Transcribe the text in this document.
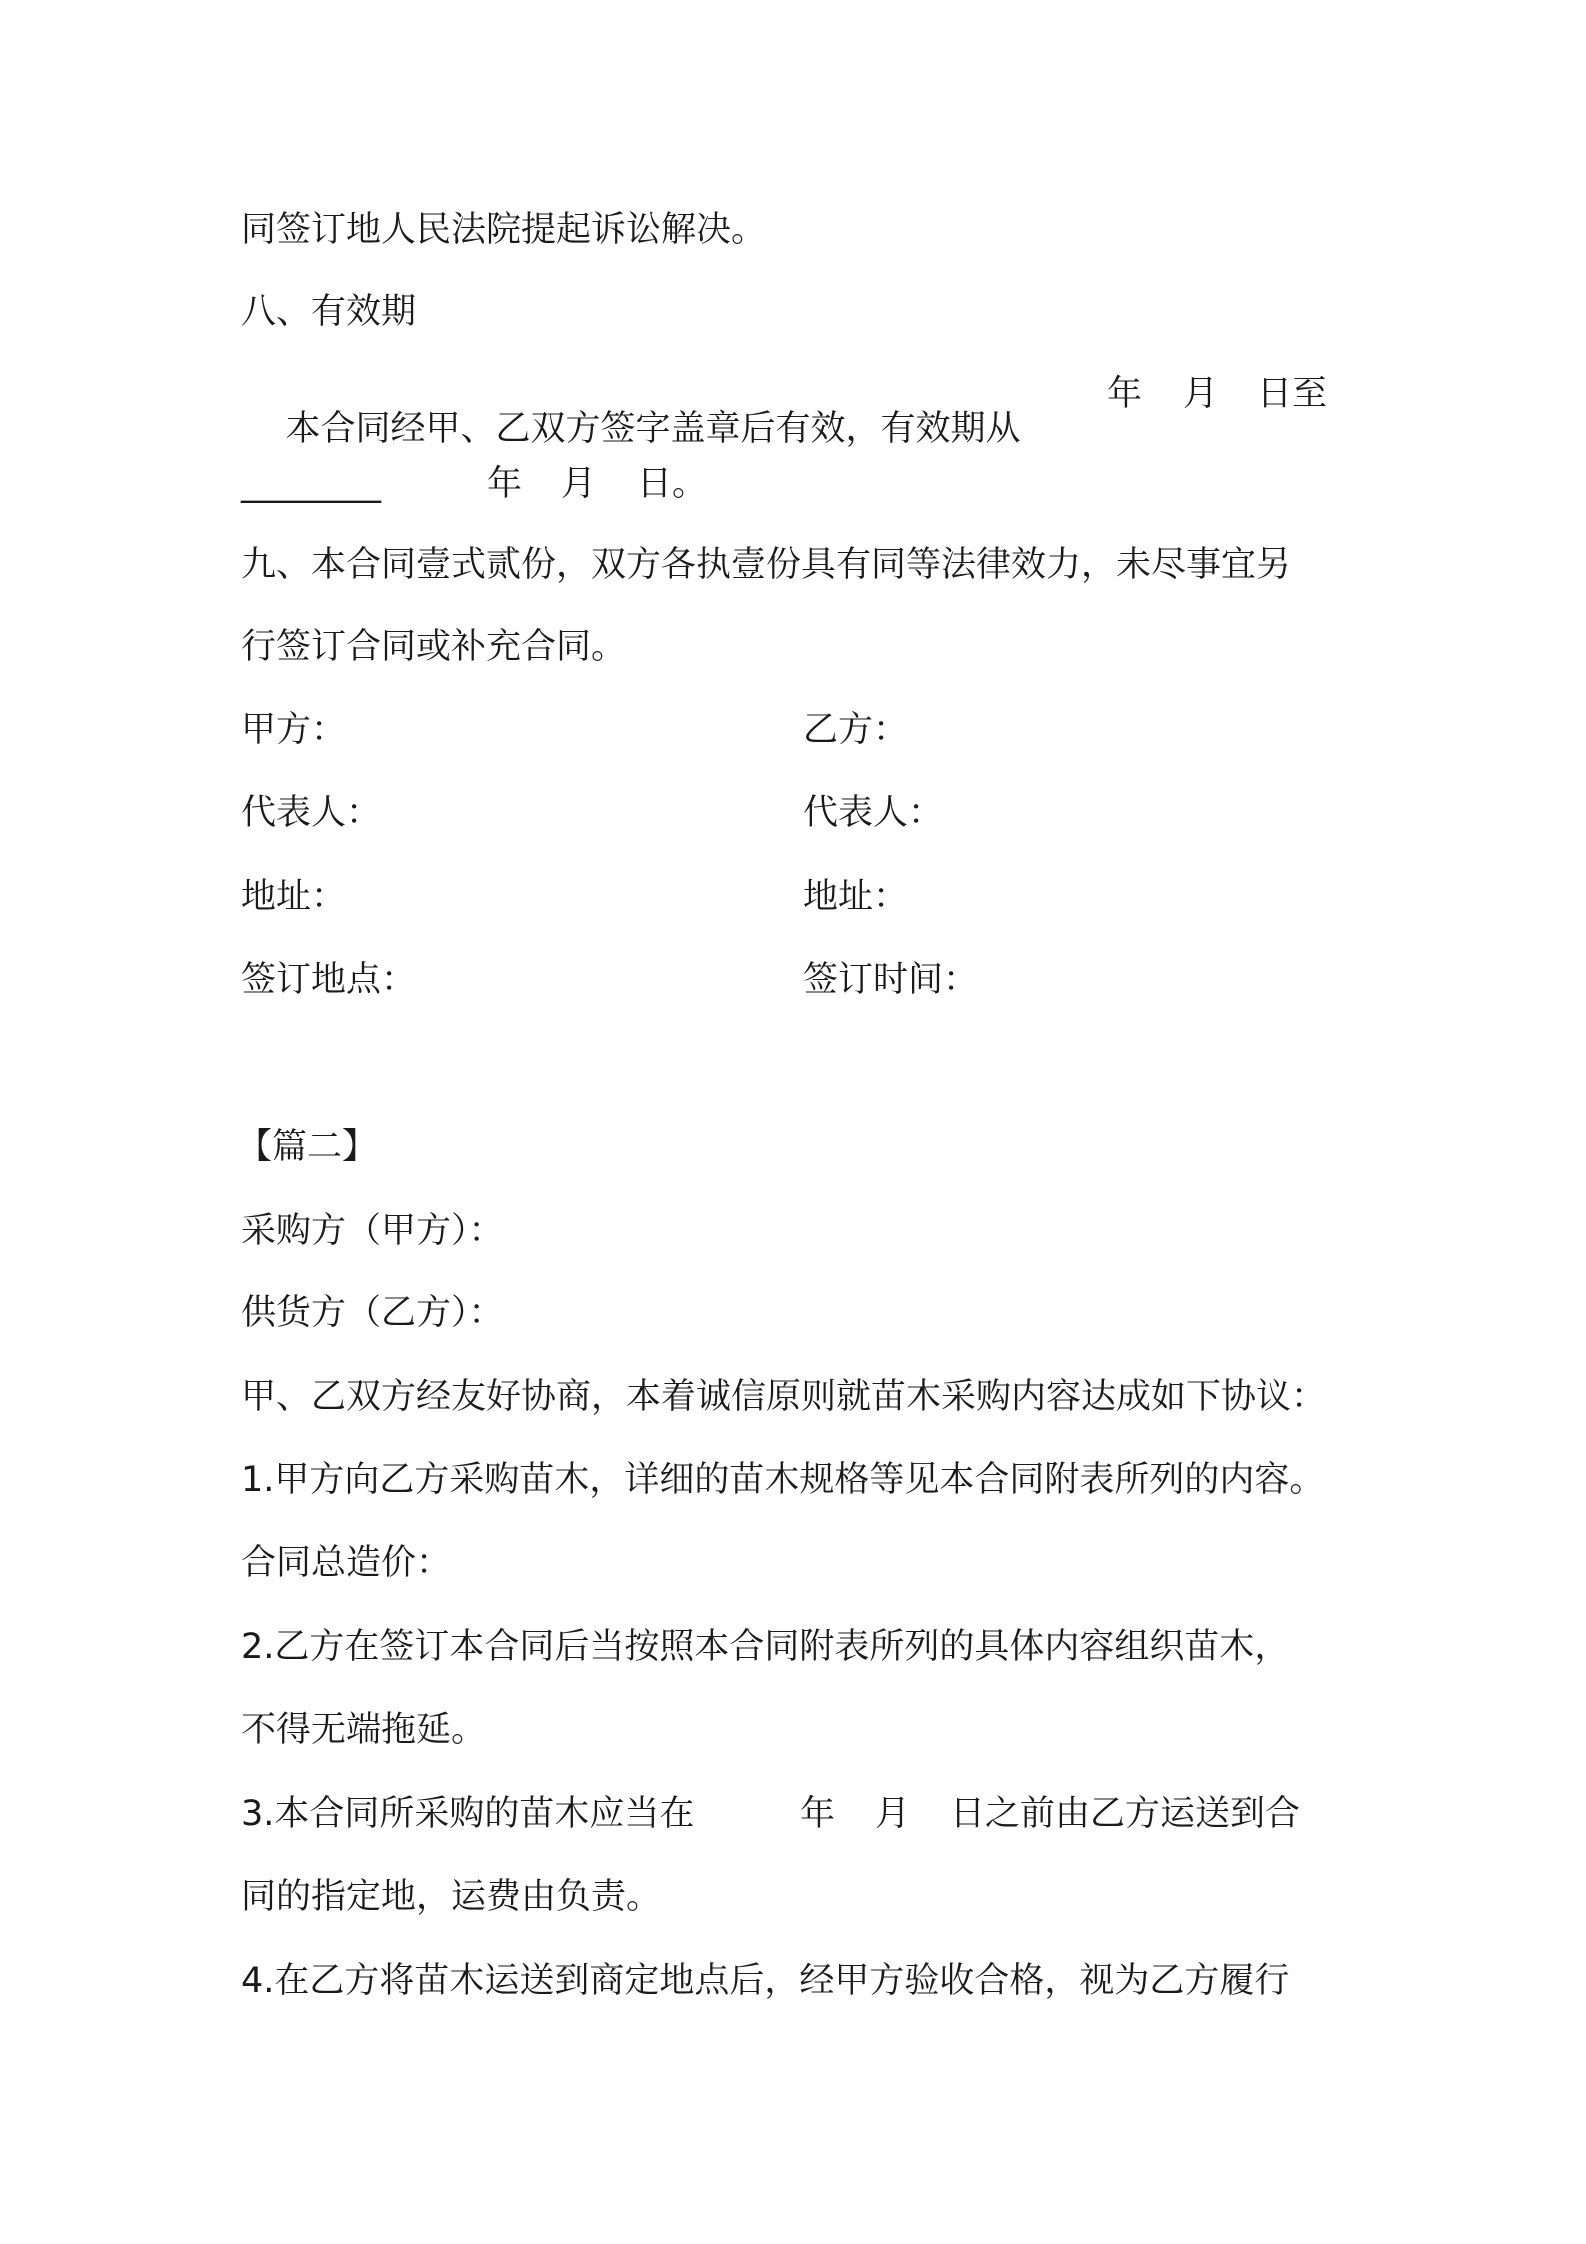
同签订地人民法院提起诉讼解决。
八、有效期

本合同经甲、乙双方签字盖章后有效，有效期从

年 月 日至
________	年 月 日。
九、本合同壹式贰份，双方各执壹份具有同等法律效力，未尽事宜另
行签订合同或补充合同。
甲方：	乙方：
代表人：	代表人：
地址：	地址：
签订地点：	签订时间：
【篇二】
采购方（甲方）：
供货方（乙方）：
甲、乙双方经友好协商，本着诚信原则就苗木采购内容达成如下协议：
1.甲方向乙方采购苗木，详细的苗木规格等见本合同附表所列的内容。
合同总造价：
2.乙方在签订本合同后当按照本合同附表所列的具体内容组织苗木，
不得无端拖延。
3.本合同所采购的苗木应当在	年 月 日之前由乙方运送到合
同的指定地，运费由负责。
4.在乙方将苗木运送到商定地点后，经甲方验收合格，视为乙方履行
